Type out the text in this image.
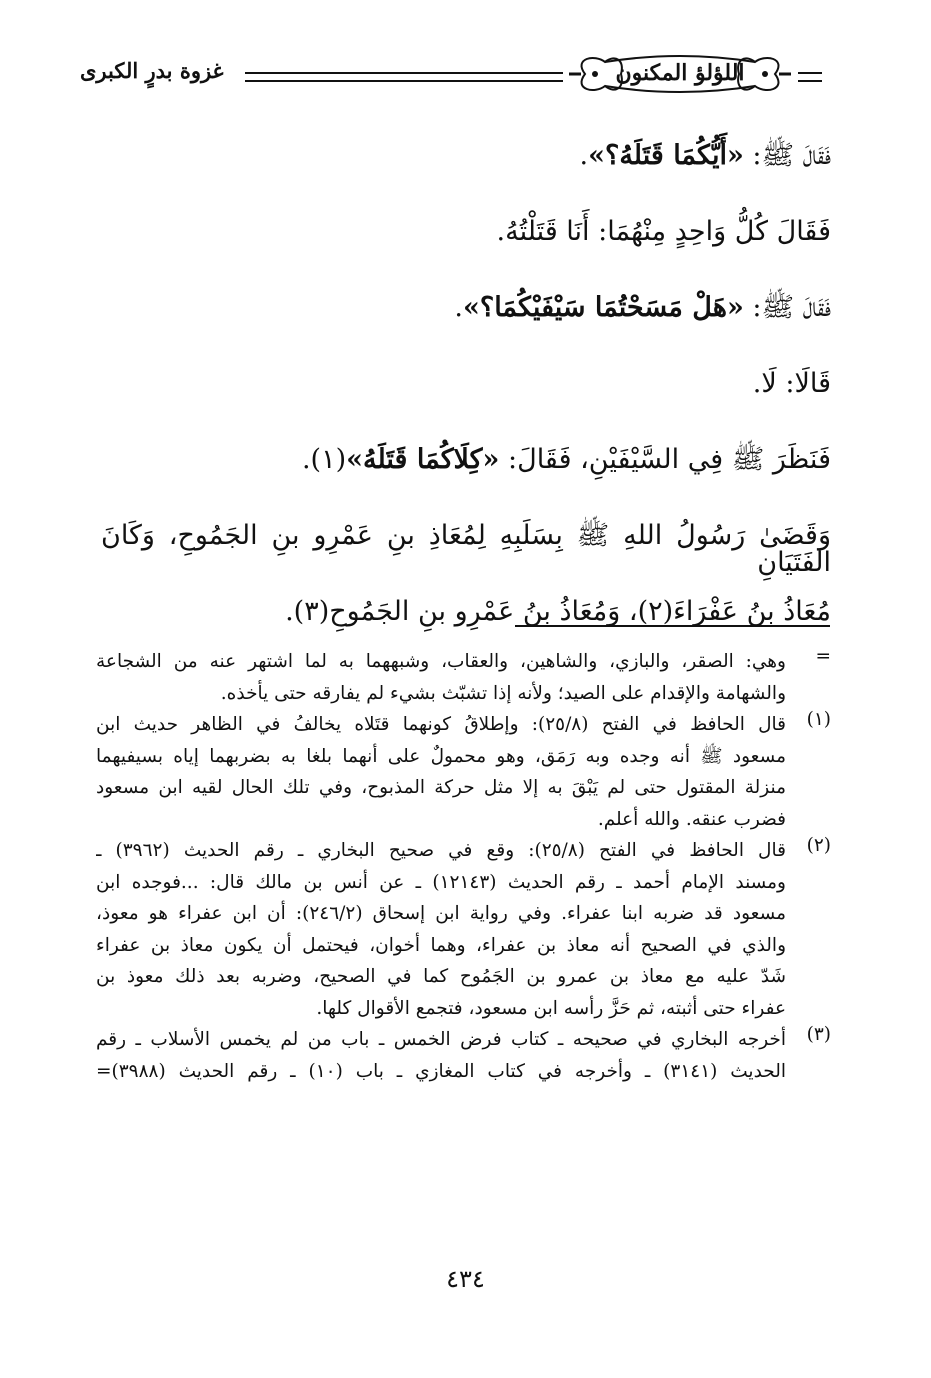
غزوة بدرٍ الكبرى	اللؤلؤ المكنون
فَقَالَ ﷺ: «أَيُّكُمَا قَتَلَهُ؟».
فَقَالَ كُلُّ وَاحِدٍ مِنْهُمَا: أَنَا قَتَلْتُهُ.
فَقَالَ ﷺ: «هَلْ مَسَحْتُمَا سَيْفَيْكُمَا؟».
قَالَا: لَا.
فَنَظَرَ ﷺ فِي السَّيْفَيْنِ، فَقَالَ: «كِلَاكُمَا قَتَلَهُ»(١).
وَقَضَىٰ رَسُولُ اللهِ ﷺ بِسَلَبِهِ لِمُعَاذِ بنِ عَمْرِو بنِ الجَمُوحِ، وَكَانَ الفَتَيَانِ
مُعَاذُ بنُ عَفْرَاءَ(٢)، وَمُعَاذُ بنُ عَمْرِو بنِ الجَمُوحِ(٣).
=
وهي: الصقر، والبازي، والشاهين، والعقاب، وشبههما به لما اشتهر عنه من الشجاعة
والشهامة والإقدام على الصيد؛ ولأنه إذا تشبّث بشيء لم يفارقه حتى يأخذه.
(١)
قال الحافظ في الفتح (٢٥/٨): وإطلاقُ كونهما قتَلاه يخالفُ في الظاهر حديث ابن
مسعود ﷺ أنه وجده وبه رَمَق، وهو محمولٌ على أنهما بلغا به بضربهما إياه بسيفيهما
منزلة المقتول حتى لم يَبْقَ به إلا مثل حركة المذبوح، وفي تلك الحال لقيه ابن مسعود
فضرب عنقه. والله أعلم.
(٢)
قال الحافظ في الفتح (٢٥/٨): وقع في صحيح البخاري ـ رقم الحديث (٣٩٦٢) ـ
ومسند الإمام أحمد ـ رقم الحديث (١٢١٤٣) ـ عن أنس بن مالك قال: ...فوجده ابن
مسعود قد ضربه ابنا عفراء. وفي رواية ابن إسحاق (٢٤٦/٢): أن ابن عفراء هو معوذ،
والذي في الصحيح أنه معاذ بن عفراء، وهما أخوان، فيحتمل أن يكون معاذ بن عفراء
شَدّ عليه مع معاذ بن عمرو بن الجَمُوح كما في الصحيح، وضربه بعد ذلك معوذ بن
عفراء حتى أثبته، ثم حَزَّ رأسه ابن مسعود، فتجمع الأقوال كلها.
(٣)
أخرجه البخاري في صحيحه ـ كتاب فرض الخمس ـ باب من لم يخمس الأسلاب ـ رقم
الحديث (٣١٤١) ـ وأخرجه في كتاب المغازي ـ باب (١٠) ـ رقم الحديث (٣٩٨٨)=
٤٣٤
